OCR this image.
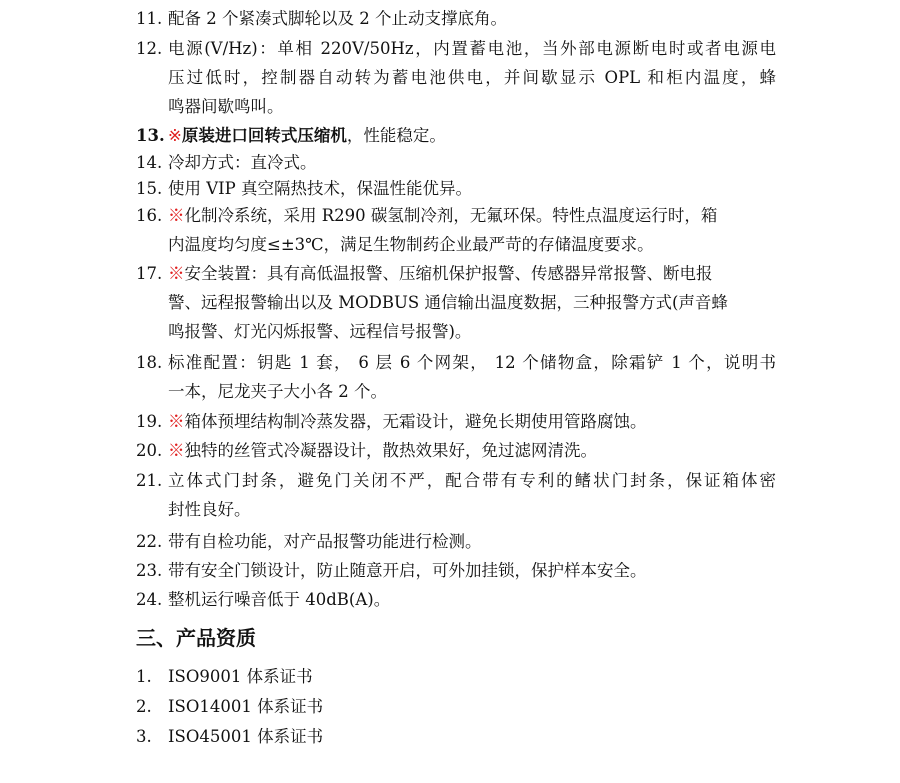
11. 配备 2 个紧凑式脚轮以及 2 个止动支撑底角。
12. 电源(V/Hz)：单相 220V/50Hz，内置蓄电池，当外部电源断电时或者电源电
压过低时，控制器自动转为蓄电池供电，并间歇显示 OPL 和柜内温度，蜂
鸣器间歇鸣叫。
13. ※原装进口回转式压缩机，性能稳定。
14. 冷却方式：直冷式。
15. 使用 VIP 真空隔热技术，保温性能优异。
16. ※化制冷系统，采用 R290 碳氢制冷剂，无氟环保。特性点温度运行时，箱
内温度均匀度≤±3℃，满足生物制药企业最严苛的存储温度要求。
17. ※安全装置：具有高低温报警、压缩机保护报警、传感器异常报警、断电报
警、远程报警输出以及 MODBUS 通信输出温度数据，三种报警方式(声音蜂
鸣报警、灯光闪烁报警、远程信号报警)。
18. 标准配置：钥匙 1 套， 6 层 6 个网架， 12 个储物盒，除霜铲 1 个，说明书
一本，尼龙夹子大小各 2 个。
19. ※箱体预埋结构制冷蒸发器，无霜设计，避免长期使用管路腐蚀。
20. ※独特的丝管式冷凝器设计，散热效果好，免过滤网清洗。
21. 立体式门封条，避免门关闭不严，配合带有专利的鳍状门封条，保证箱体密
封性良好。
22. 带有自检功能，对产品报警功能进行检测。
23. 带有安全门锁设计，防止随意开启，可外加挂锁，保护样本安全。
24. 整机运行噪音低于 40dB(A)。
三、产品资质
1. ISO9001 体系证书
2. ISO14001 体系证书
3. ISO45001 体系证书
